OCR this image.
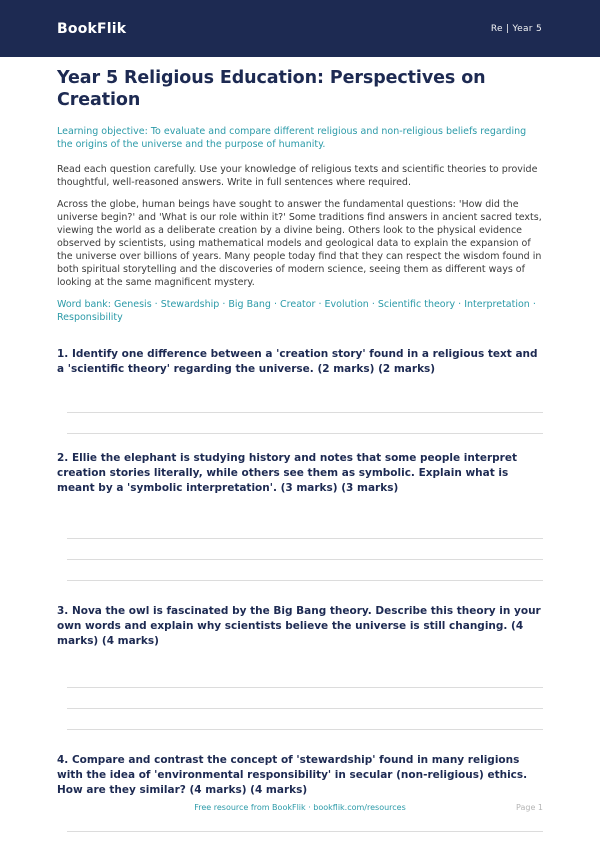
BookFlik	Re | Year 5
Year 5 Religious Education: Perspectives on Creation

Learning objective: To evaluate and compare different religious and non-religious beliefs regarding the origins of the universe and the purpose of humanity.

Read each question carefully. Use your knowledge of religious texts and scientific theories to provide thoughtful, well-reasoned answers. Write in full sentences where required.

Across the globe, human beings have sought to answer the fundamental questions: 'How did the universe begin?' and 'What is our role within it?' Some traditions find answers in ancient sacred texts, viewing the world as a deliberate creation by a divine being. Others look to the physical evidence observed by scientists, using mathematical models and geological data to explain the expansion of the universe over billions of years. Many people today find that they can respect the wisdom found in both spiritual storytelling and the discoveries of modern science, seeing them as different ways of looking at the same magnificent mystery.

Word bank: Genesis · Stewardship · Big Bang · Creator · Evolution · Scientific theory · Interpretation · Responsibility

1. Identify one difference between a 'creation story' found in a religious text and a 'scientific theory' regarding the universe. (2 marks) (2 marks)

2. Ellie the elephant is studying history and notes that some people interpret creation stories literally, while others see them as symbolic. Explain what is meant by a 'symbolic interpretation'. (3 marks) (3 marks)

3. Nova the owl is fascinated by the Big Bang theory. Describe this theory in your own words and explain why scientists believe the universe is still changing. (4 marks) (4 marks)

4. Compare and contrast the concept of 'stewardship' found in many religions with the idea of 'environmental responsibility' in secular (non-religious) ethics. How are they similar? (4 marks) (4 marks)

Free resource from BookFlik · bookflik.com/resources	Page 1
